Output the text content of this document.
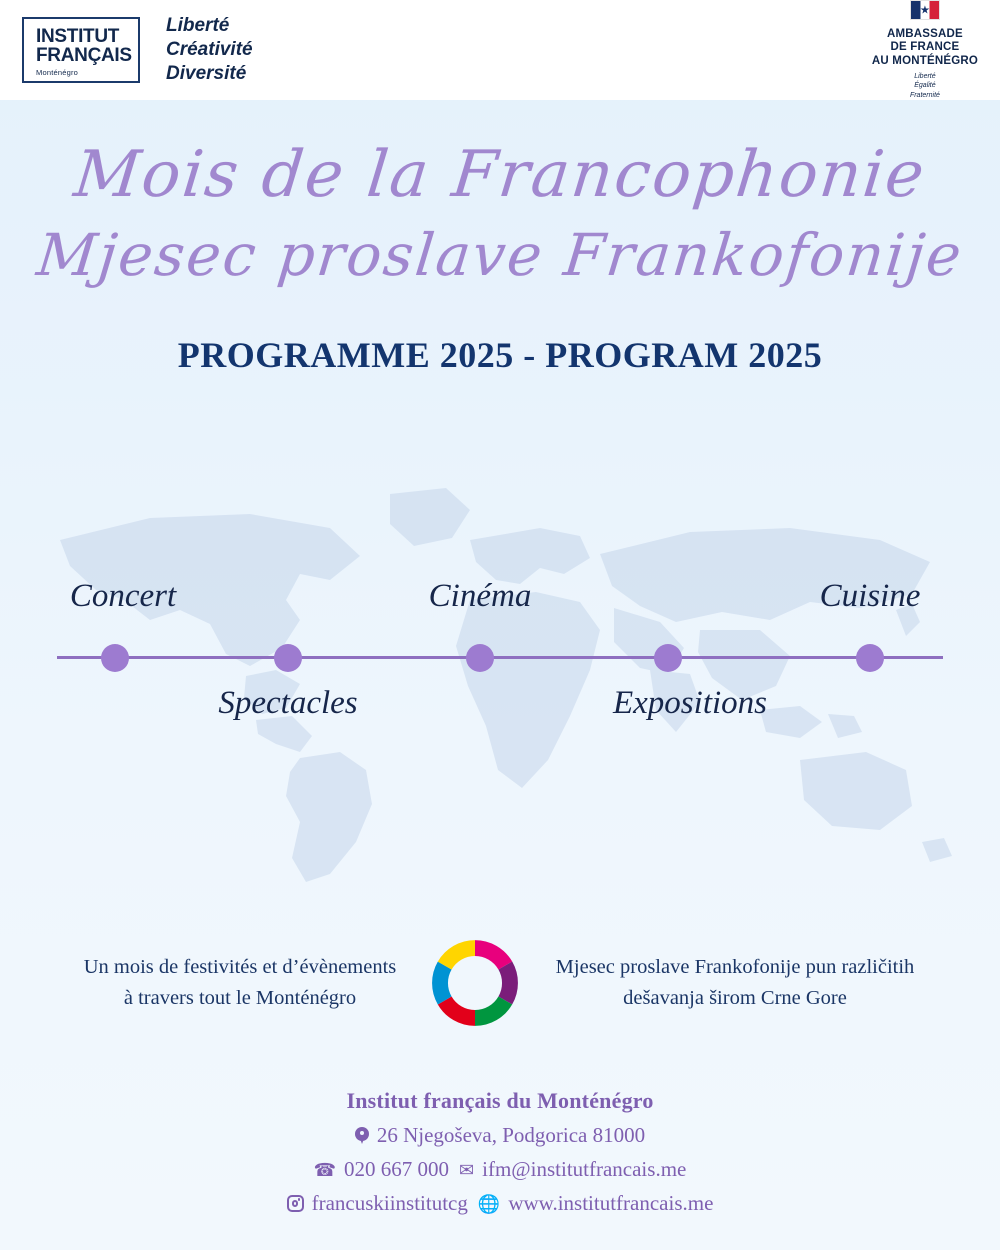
INSTITUT
FRANÇAIS
Monténégro
Liberté
Créativité
Diversité
AMBASSADE
DE FRANCE
AU MONTÉNÉGRO
Liberté
Égalité
Fraternité
Mois de la Francophonie
Mjesec proslave Frankofonije
PROGRAMME 2025 - PROGRAM 2025
Concert
Spectacles
Cinéma
Expositions
Cuisine

Un mois de festivités et d’évènements à travers tout le Monténégro

Mjesec proslave Frankofonije pun različitih dešavanja širom Crne Gore

Institut français du Monténégro
26 Njegoševa, Podgorica 81000
☎ 020 667 000 ✉ ifm@institutfrancais.me
francuskiinstitutcg 🌐 www.institutfrancais.me
